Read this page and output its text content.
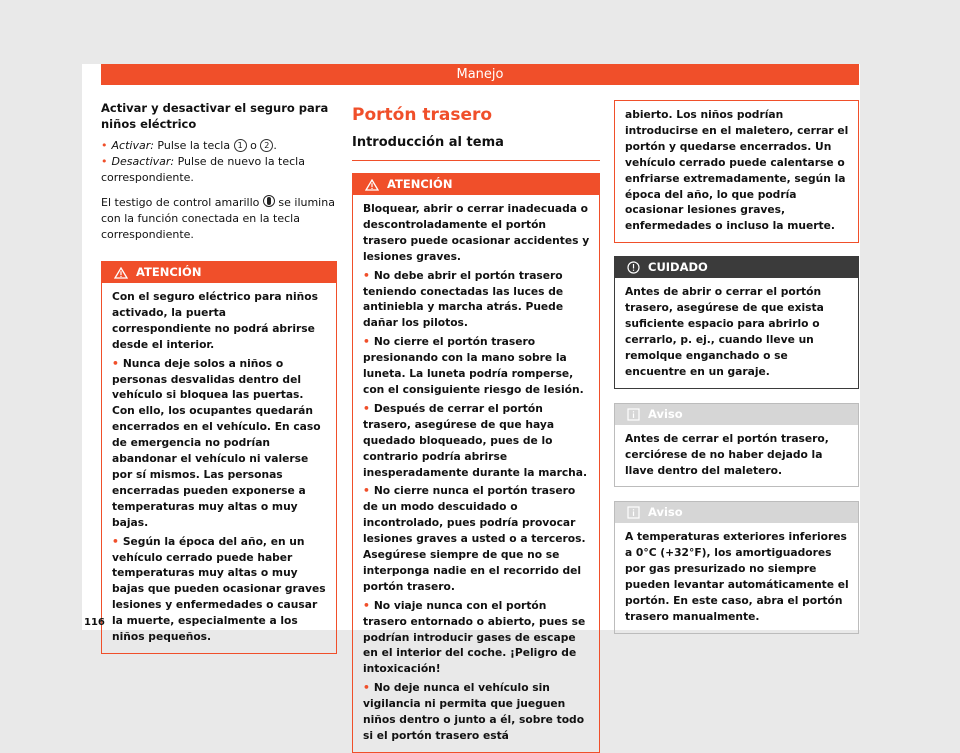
Manejo
Activar y desactivar el seguro para niños eléctrico

• Activar: Pulse la tecla 1 o 2 .

• Desactivar: Pulse de nuevo la tecla correspondiente.

El testigo de control amarillo  se ilumina con la función conectada en la tecla correspondiente.

ATENCIÓN

Con el seguro eléctrico para niños activado, la puerta correspondiente no podrá abrirse desde el interior.

• Nunca deje solos a niños o personas desvalidas dentro del vehículo si bloquea las puertas. Con ello, los ocupantes quedarán encerrados en el vehículo. En caso de emergencia no podrían abandonar el vehículo ni valerse por sí mismos. Las personas encerradas pueden exponerse a temperaturas muy altas o muy bajas.

• Según la época del año, en un vehículo cerrado puede haber temperaturas muy altas o muy bajas que pueden ocasionar graves lesiones y enfermedades o causar la muerte, especialmente a los niños pequeños.

Portón trasero
Introducción al tema
ATENCIÓN

Bloquear, abrir o cerrar inadecuada o descontroladamente el portón trasero puede ocasionar accidentes y lesiones graves.

• No debe abrir el portón trasero teniendo conectadas las luces de antiniebla y marcha atrás. Puede dañar los pilotos.

• No cierre el portón trasero presionando con la mano sobre la luneta. La luneta podría romperse, con el consiguiente riesgo de lesión.

• Después de cerrar el portón trasero, asegúrese de que haya quedado bloqueado, pues de lo contrario podría abrirse inesperadamente durante la marcha.

• No cierre nunca el portón trasero de un modo descuidado o incontrolado, pues podría provocar lesiones graves a usted o a terceros. Asegúrese siempre de que no se interponga nadie en el recorrido del portón trasero.

• No viaje nunca con el portón trasero entornado o abierto, pues se podrían introducir gases de escape en el interior del coche. ¡Peligro de intoxicación!

• No deje nunca el vehículo sin vigilancia ni permita que jueguen niños dentro o junto a él, sobre todo si el portón trasero está

abierto. Los niños podrían introducirse en el maletero, cerrar el portón y quedarse encerrados. Un vehículo cerrado puede calentarse o enfriarse extremadamente, según la época del año, lo que podría ocasionar lesiones graves, enfermedades o incluso la muerte.

CUIDADO

Antes de abrir o cerrar el portón trasero, asegúrese de que exista suficiente espacio para abrirlo o cerrarlo, p. ej., cuando lleve un remolque enganchado o se encuentre en un garaje.

Aviso

Antes de cerrar el portón trasero, cerciórese de no haber dejado la llave dentro del maletero.

Aviso

A temperaturas exteriores inferiores a 0°C (+32°F), los amortiguadores por gas presurizado no siempre pueden levantar automáticamente el portón. En este caso, abra el portón trasero manualmente.

116
